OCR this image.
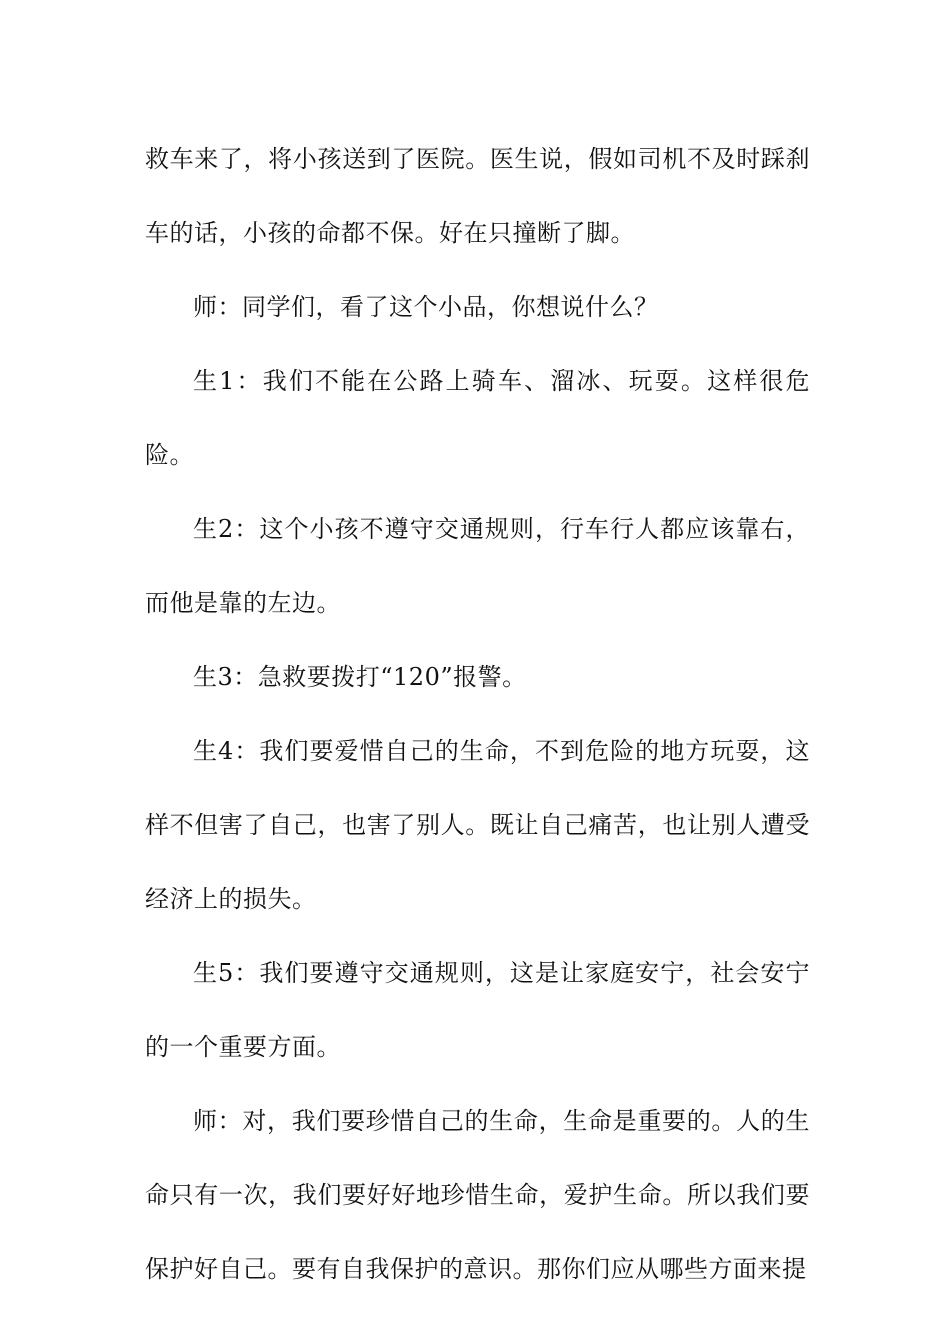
救车来了，将小孩送到了医院。医生说，假如司机不及时踩刹车的话，小孩的命都不保。好在只撞断了脚。

师：同学们，看了这个小品，你想说什么？

生1：我们不能在公路上骑车、溜冰、玩耍。这样很危险。

生2：这个小孩不遵守交通规则，行车行人都应该靠右，而他是靠的左边。

生3：急救要拨打“120”报警。

生4：我们要爱惜自己的生命，不到危险的地方玩耍，这样不但害了自己，也害了别人。既让自己痛苦，也让别人遭受经济上的损失。

生5：我们要遵守交通规则，这是让家庭安宁，社会安宁的一个重要方面。

师：对，我们要珍惜自己的生命，生命是重要的。人的生命只有一次，我们要好好地珍惜生命，爱护生命。所以我们要保护好自己。要有自我保护的意识。那你们应从哪些方面来提
